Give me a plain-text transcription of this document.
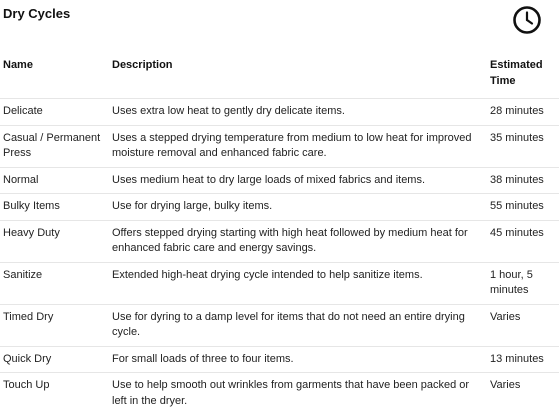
Dry Cycles
Name	Description	Estimated Time
Delicate	Uses extra low heat to gently dry delicate items.	28 minutes
Casual / Permanent Press	Uses a stepped drying temperature from medium to low heat for improved moisture removal and enhanced fabric care.	35 minutes
Normal	Uses medium heat to dry large loads of mixed fabrics and items.	38 minutes
Bulky Items	Use for drying large, bulky items.	55 minutes
Heavy Duty	Offers stepped drying starting with high heat followed by medium heat for enhanced fabric care and energy savings.	45 minutes
Sanitize	Extended high-heat drying cycle intended to help sanitize items.	1 hour, 5 minutes
Timed Dry	Use for dyring to a damp level for items that do not need an entire drying cycle.	Varies
Quick Dry	For small loads of three to four items.	13 minutes
Touch Up	Use to help smooth out wrinkles from garments that have been packed or left in the dryer.	Varies
